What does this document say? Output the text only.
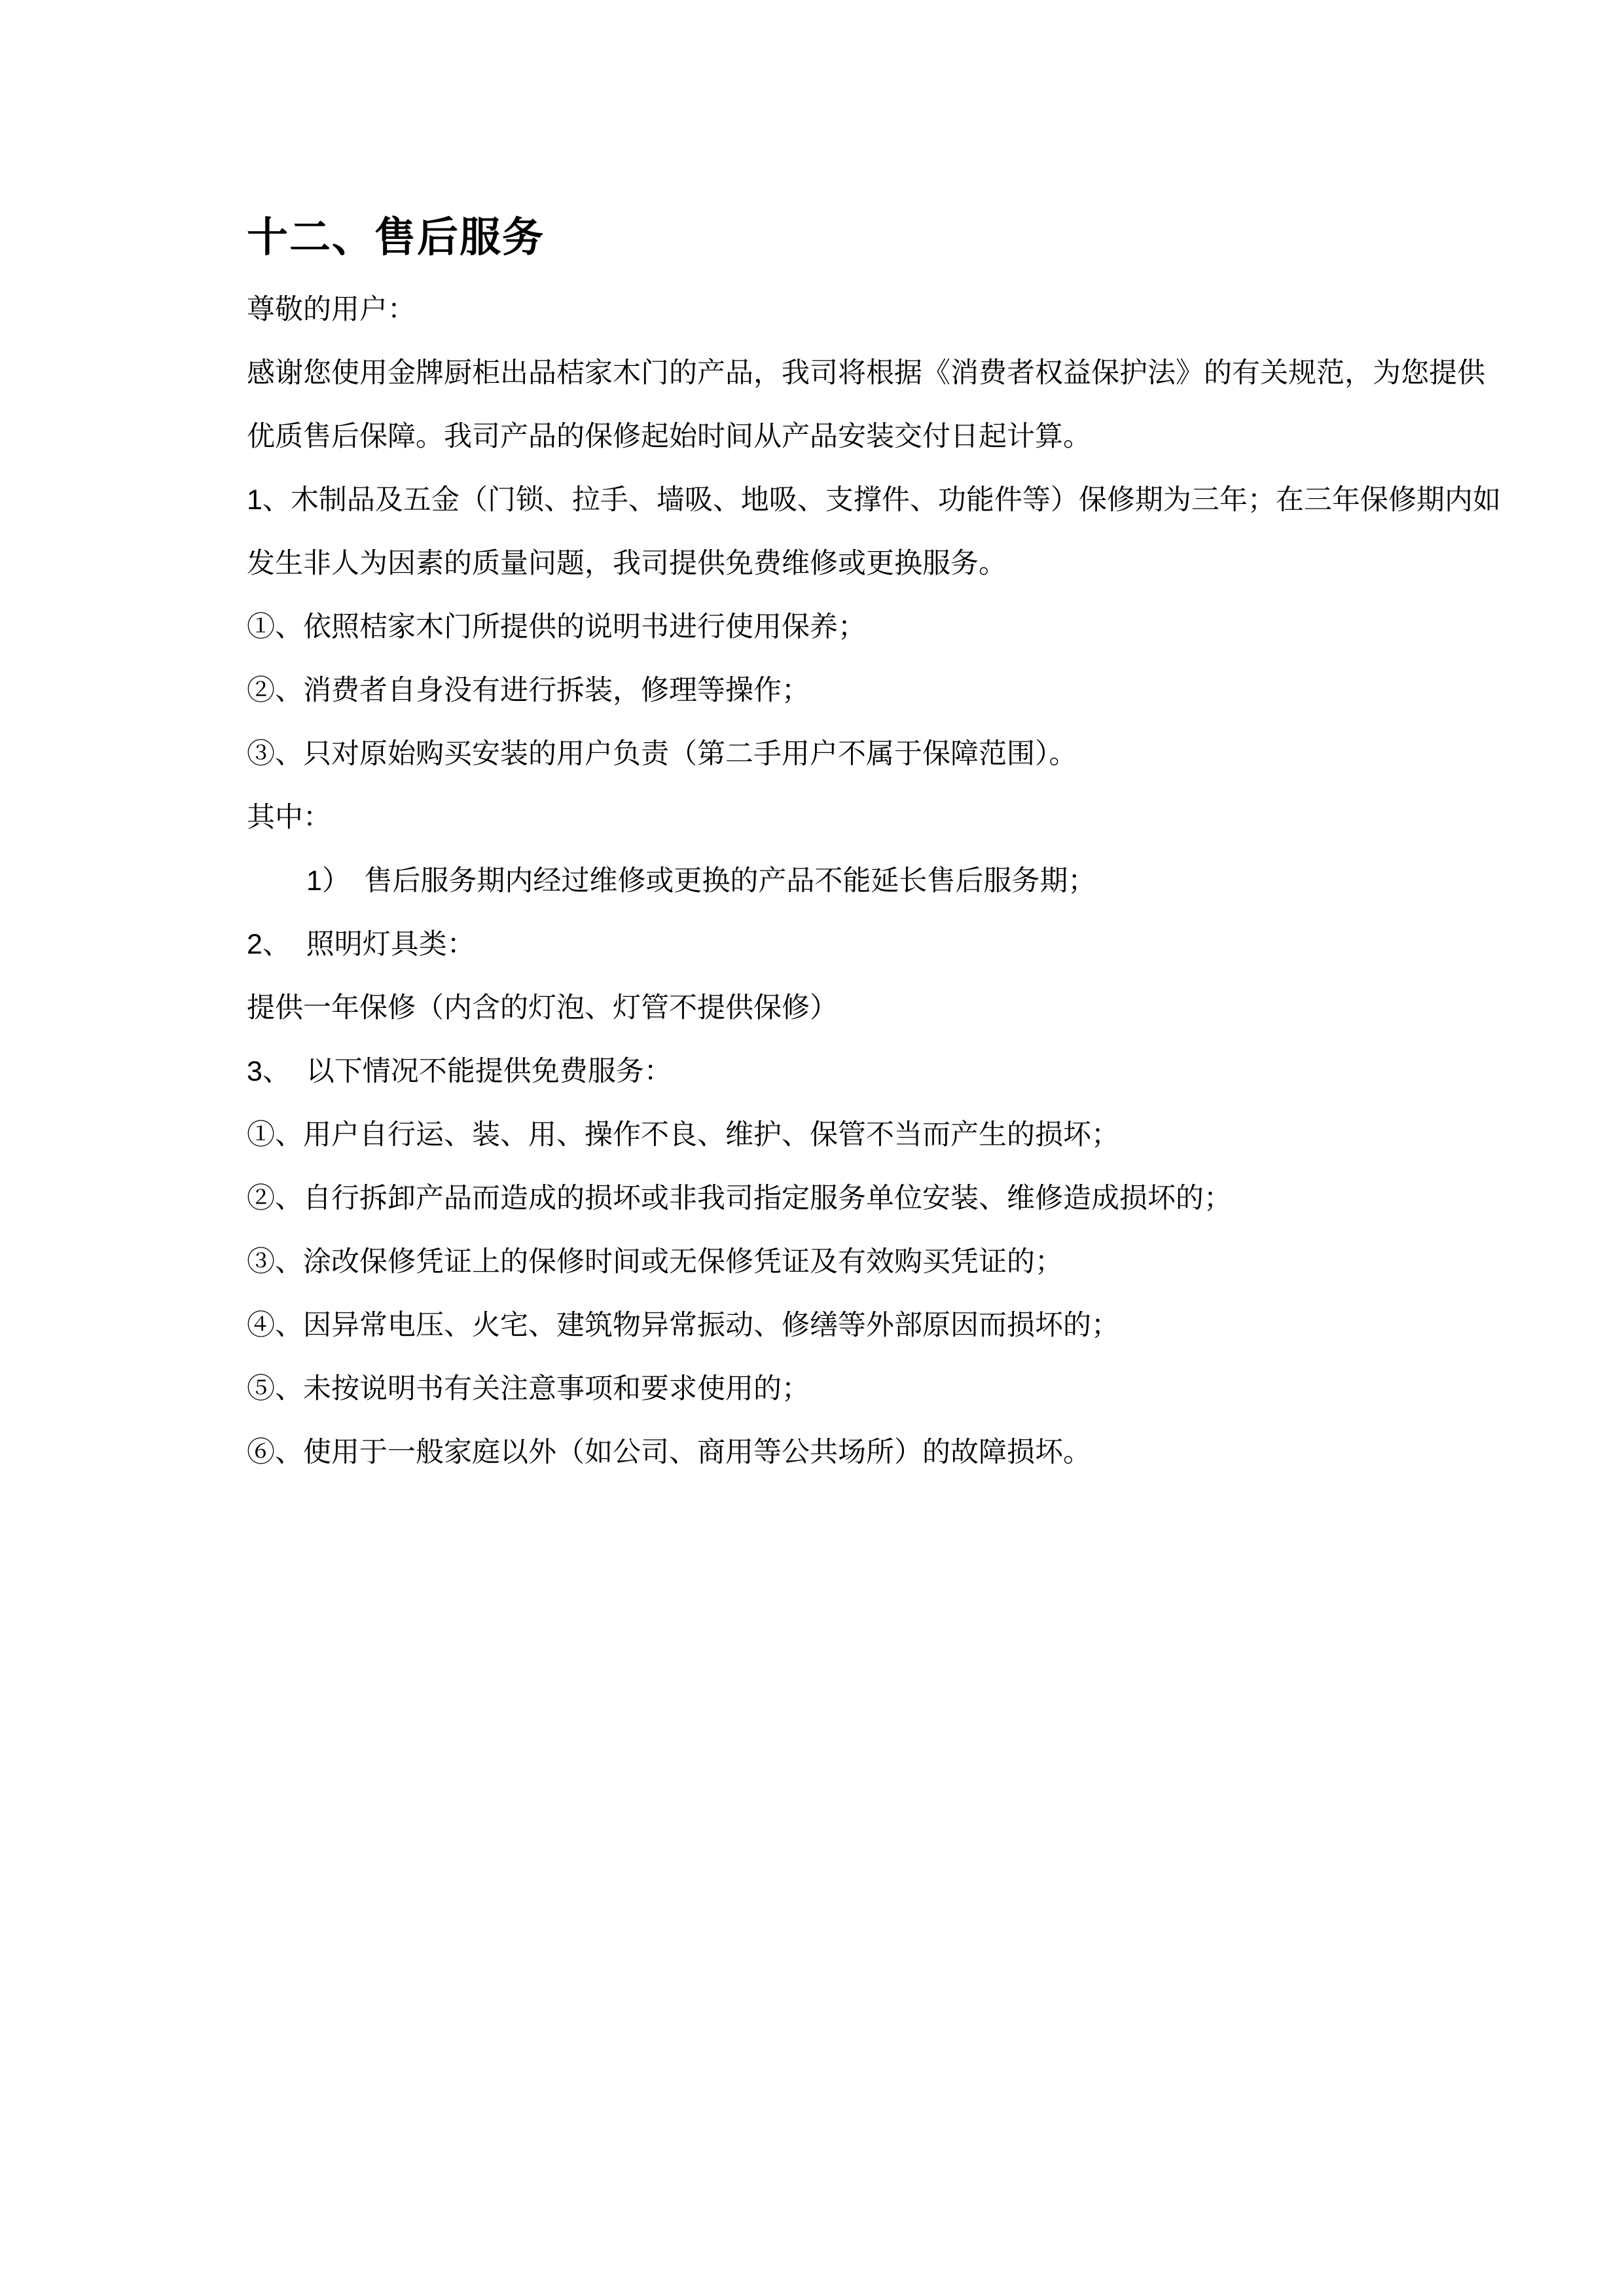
十二、售后服务
尊敬的用户：
感谢您使用金牌厨柜出品桔家木门的产品，我司将根据《消费者权益保护法》的有关规范，为您提供
优质售后保障。我司产品的保修起始时间从产品安装交付日起计算。
1、木制品及五金（门锁、拉手、墙吸、地吸、支撑件、功能件等）保修期为三年；在三年保修期内如
发生非人为因素的质量问题，我司提供免费维修或更换服务。
①、依照桔家木门所提供的说明书进行使用保养；
②、消费者自身没有进行拆装，修理等操作；
③、只对原始购买安装的用户负责（第二手用户不属于保障范围）。
其中：
1）　售后服务期内经过维修或更换的产品不能延长售后服务期；
2、  照明灯具类：
提供一年保修（内含的灯泡、灯管不提供保修）
3、  以下情况不能提供免费服务：
①、用户自行运、装、用、操作不良、维护、保管不当而产生的损坏；
②、自行拆卸产品而造成的损坏或非我司指定服务单位安装、维修造成损坏的；
③、涂改保修凭证上的保修时间或无保修凭证及有效购买凭证的；
④、因异常电压、火宅、建筑物异常振动、修缮等外部原因而损坏的；
⑤、未按说明书有关注意事项和要求使用的；
⑥、使用于一般家庭以外（如公司、商用等公共场所）的故障损坏。
